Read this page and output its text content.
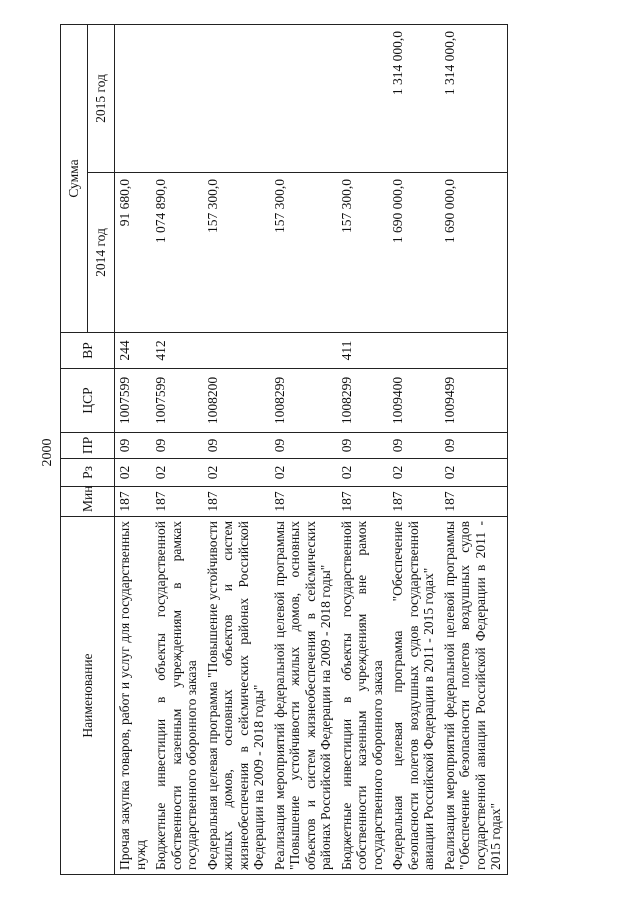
2000
Наименование	Мин	Рз	ПР	ЦСР	ВР	Сумма	
						2014 год	2015 год
Прочая закупка товаров, работ и услуг для государственных нужд	187	02	09	1007599	244	91 680,0	
Бюджетные инвестиции в объекты государственной собственности казенным учреждениям в рамках государственного оборонного заказа	187	02	09	1007599	412	1 074 890,0	
Федеральная целевая программа "Повышение устойчивости жилых домов, основных объектов и систем жизнеобеспечения в сейсмических районах Российской Федерации на 2009 - 2018 годы"	187	02	09	1008200		157 300,0	
Реализация мероприятий федеральной целевой программы "Повышение устойчивости жилых домов, основных объектов и систем жизнеобеспечения в сейсмических районах Российской Федерации на 2009 - 2018 годы"	187	02	09	1008299		157 300,0	
Бюджетные инвестиции в объекты государственной собственности казенным учреждениям вне рамок государственного оборонного заказа	187	02	09	1008299	411	157 300,0	
Федеральная целевая программа "Обеспечение безопасности полетов воздушных судов государственной авиации Российской Федерации в 2011 - 2015 годах"	187	02	09	1009400		1 690 000,0	1 314 000,0
Реализация мероприятий федеральной целевой программы "Обеспечение безопасности полетов воздушных судов государственной авиации Российской Федерации в 2011 - 2015 годах"	187	02	09	1009499		1 690 000,0	1 314 000,0
